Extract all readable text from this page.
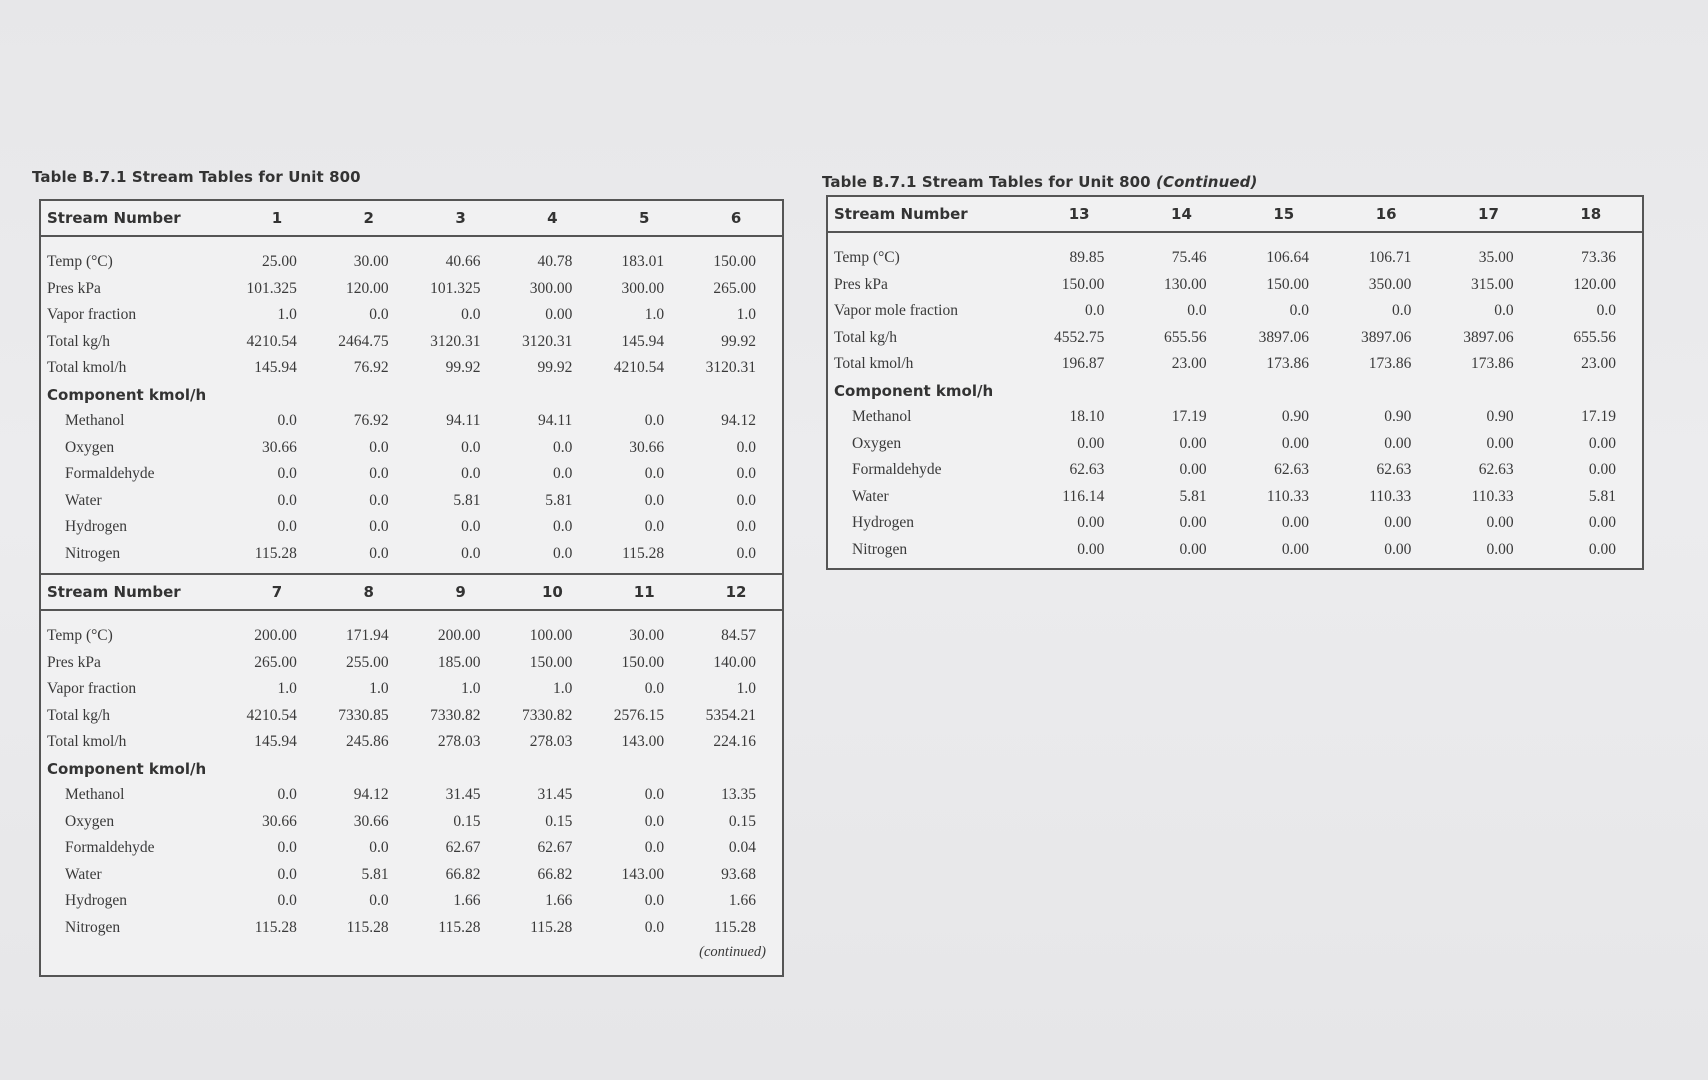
Table B.7.1 Stream Tables for Unit 800	Table B.7.1 Stream Tables for Unit 800 (Continued)
Stream Number	1	2	3	4	5	6

Temp (°C)	25.00	30.00	40.66	40.78	183.01	150.00
Pres kPa	101.325	120.00	101.325	300.00	300.00	265.00
Vapor fraction	1.0	0.0	0.0	0.00	1.0	1.0
Total kg/h	4210.54	2464.75	3120.31	3120.31	145.94	99.92
Total kmol/h	145.94	76.92	99.92	99.92	4210.54	3120.31
Component kmol/h						
Methanol	0.0	76.92	94.11	94.11	0.0	94.12
Oxygen	30.66	0.0	0.0	0.0	30.66	0.0
Formaldehyde	0.0	0.0	0.0	0.0	0.0	0.0
Water	0.0	0.0	5.81	5.81	0.0	0.0
Hydrogen	0.0	0.0	0.0	0.0	0.0	0.0
Nitrogen	115.28	0.0	0.0	0.0	115.28	0.0

Stream Number	7	8	9	10	11	12

Temp (°C)	200.00	171.94	200.00	100.00	30.00	84.57
Pres kPa	265.00	255.00	185.00	150.00	150.00	140.00
Vapor fraction	1.0	1.0	1.0	1.0	0.0	1.0
Total kg/h	4210.54	7330.85	7330.82	7330.82	2576.15	5354.21
Total kmol/h	145.94	245.86	278.03	278.03	143.00	224.16
Component kmol/h						
Methanol	0.0	94.12	31.45	31.45	0.0	13.35
Oxygen	30.66	30.66	0.15	0.15	0.0	0.15
Formaldehyde	0.0	0.0	62.67	62.67	0.0	0.04
Water	0.0	5.81	66.82	66.82	143.00	93.68
Hydrogen	0.0	0.0	1.66	1.66	0.0	1.66
Nitrogen	115.28	115.28	115.28	115.28	0.0	115.28
(continued)						

Stream Number	13	14	15	16	17	18

Temp (°C)	89.85	75.46	106.64	106.71	35.00	73.36
Pres kPa	150.00	130.00	150.00	350.00	315.00	120.00
Vapor mole fraction	0.0	0.0	0.0	0.0	0.0	0.0
Total kg/h	4552.75	655.56	3897.06	3897.06	3897.06	655.56
Total kmol/h	196.87	23.00	173.86	173.86	173.86	23.00
Component kmol/h						
Methanol	18.10	17.19	0.90	0.90	0.90	17.19
Oxygen	0.00	0.00	0.00	0.00	0.00	0.00
Formaldehyde	62.63	0.00	62.63	62.63	62.63	0.00
Water	116.14	5.81	110.33	110.33	110.33	5.81
Hydrogen	0.00	0.00	0.00	0.00	0.00	0.00
Nitrogen	0.00	0.00	0.00	0.00	0.00	0.00
